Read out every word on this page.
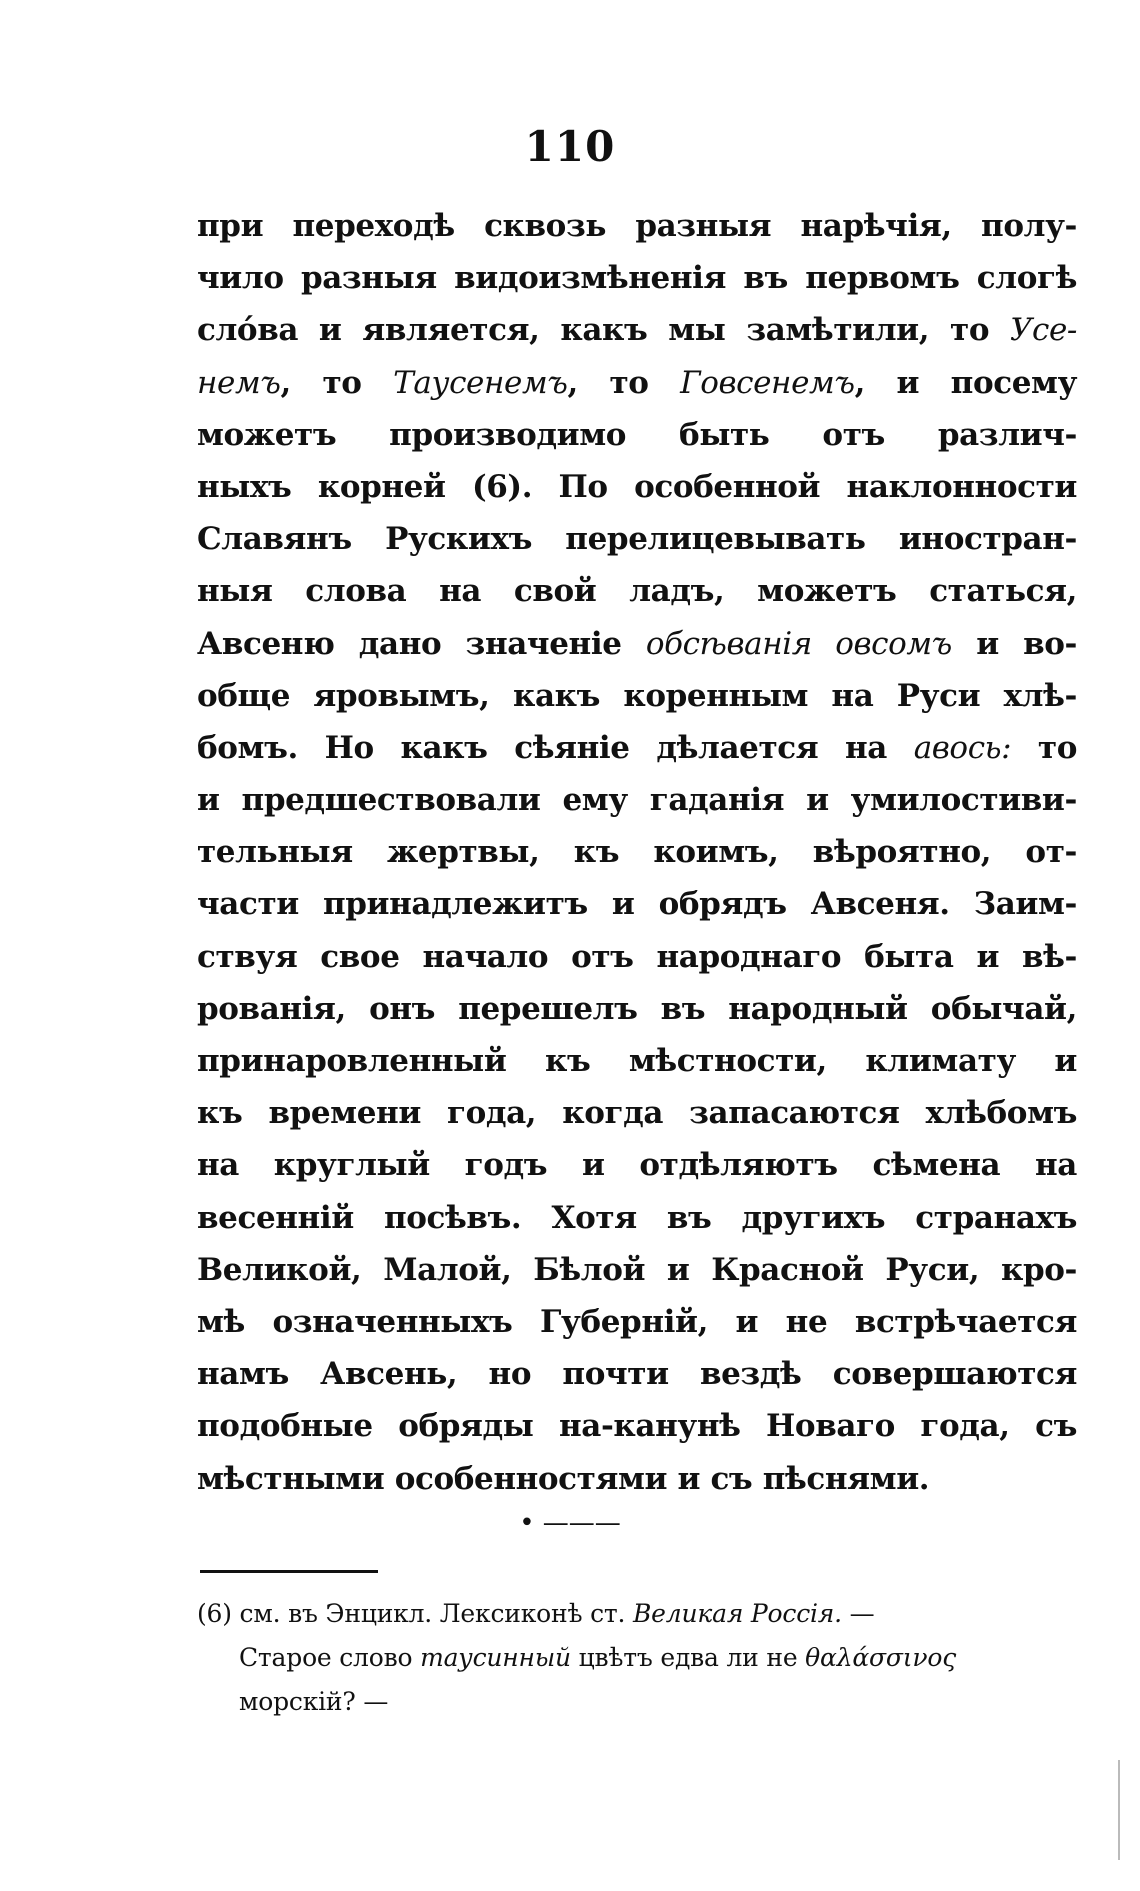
110
при переходѣ сквозь разныя нарѣчія, полу-
чило разныя видоизмѣненія въ первомъ слогѣ
сло́ва и является, какъ мы замѣтили, то Усе-
немъ, то Таусенемъ, то Говсенемъ, и посему
можетъ производимо быть отъ различ-
ныхъ корней (6). По особенной наклонности
Славянъ Рускихъ перелицевывать иностран-
ныя слова на свой ладъ, можетъ статься,
Авсеню дано значеніе обсѣванія овсомъ и во-
обще яровымъ, какъ коренным на Руси хлѣ-
бомъ. Но какъ сѣяніе дѣлается на авось: то
и предшествовали ему гаданія и умилостиви-
тельныя жертвы, къ коимъ, вѣроятно, от-
части принадлежитъ и обрядъ Авсеня. Заим-
ствуя свое начало отъ народнаго быта и вѣ-
рованія, онъ перешелъ въ народный обычай,
принаровленный къ мѣстности, климату и
къ времени года, когда запасаются хлѣбомъ
на круглый годъ и отдѣляютъ сѣмена на
весенній посѣвъ. Хотя въ другихъ странахъ
Великой, Малой, Бѣлой и Красной Руси, кро-
мѣ означенныхъ Губерній, и не встрѣчается
намъ Авсень, но почти вездѣ совершаются
подобные обряды на-канунѣ Новаго года, съ
мѣстными особенностями и съ пѣснями.
• ———
(6) см. въ Энцикл. Лексиконѣ ст. Великая Россія. —
Старое слово таусинный цвѣтъ едва ли не θαλάσσινος
морскій? —
